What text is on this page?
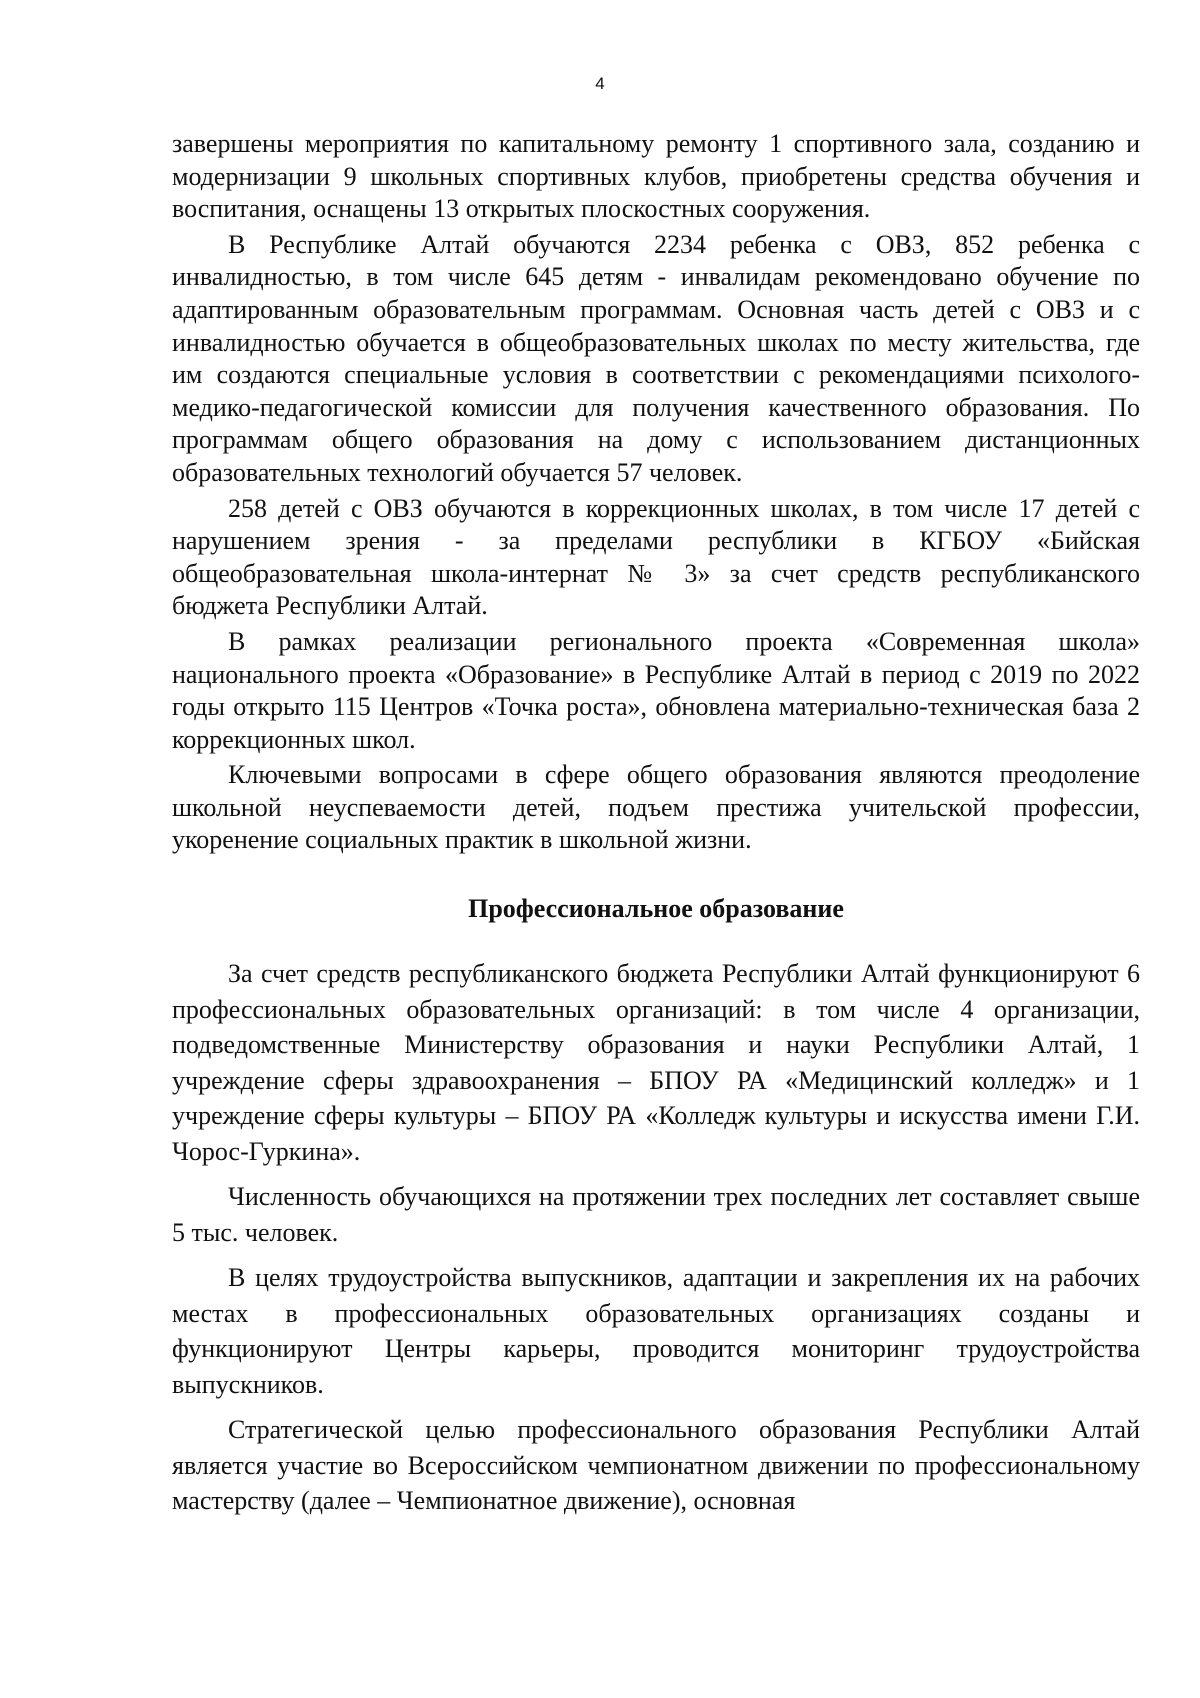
4

завершены мероприятия по капитальному ремонту 1 спортивного зала, созданию и модернизации 9 школьных спортивных клубов, приобретены средства обучения и воспитания, оснащены 13 открытых плоскостных сооружения.

В Республике Алтай обучаются 2234 ребенка с ОВЗ, 852 ребенка с инвалидностью, в том числе 645 детям - инвалидам рекомендовано обучение по адаптированным образовательным программам. Основная часть детей с ОВЗ и с инвалидностью обучается в общеобразовательных школах по месту жительства, где им создаются специальные условия в соответствии с рекомендациями психолого-медико-педагогической комиссии для получения качественного образования. По программам общего образования на дому с использованием дистанционных образовательных технологий обучается 57 человек.

258 детей с ОВЗ обучаются в коррекционных школах, в том числе 17 детей с нарушением зрения - за пределами республики в КГБОУ «Бийская общеобразовательная школа-интернат № 3» за счет средств республиканского бюджета Республики Алтай.

В рамках реализации регионального проекта «Современная школа» национального проекта «Образование» в Республике Алтай в период с 2019 по 2022 годы открыто 115 Центров «Точка роста», обновлена материально-техническая база 2 коррекционных школ.

Ключевыми вопросами в сфере общего образования являются преодоление школьной неуспеваемости детей, подъем престижа учительской профессии, укоренение социальных практик в школьной жизни.

Профессиональное образование

За счет средств республиканского бюджета Республики Алтай функционируют 6 профессиональных образовательных организаций: в том числе 4 организации, подведомственные Министерству образования и науки Республики Алтай, 1 учреждение сферы здравоохранения – БПОУ РА «Медицинский колледж» и 1 учреждение сферы культуры – БПОУ РА «Колледж культуры и искусства имени Г.И. Чорос-Гуркина».

Численность обучающихся на протяжении трех последних лет составляет свыше 5 тыс. человек.

В целях трудоустройства выпускников, адаптации и закрепления их на рабочих местах в профессиональных образовательных организациях созданы и функционируют Центры карьеры, проводится мониторинг трудоустройства выпускников.

Стратегической целью профессионального образования Республики Алтай является участие во Всероссийском чемпионатном движении по профессиональному мастерству (далее – Чемпионатное движение), основная
